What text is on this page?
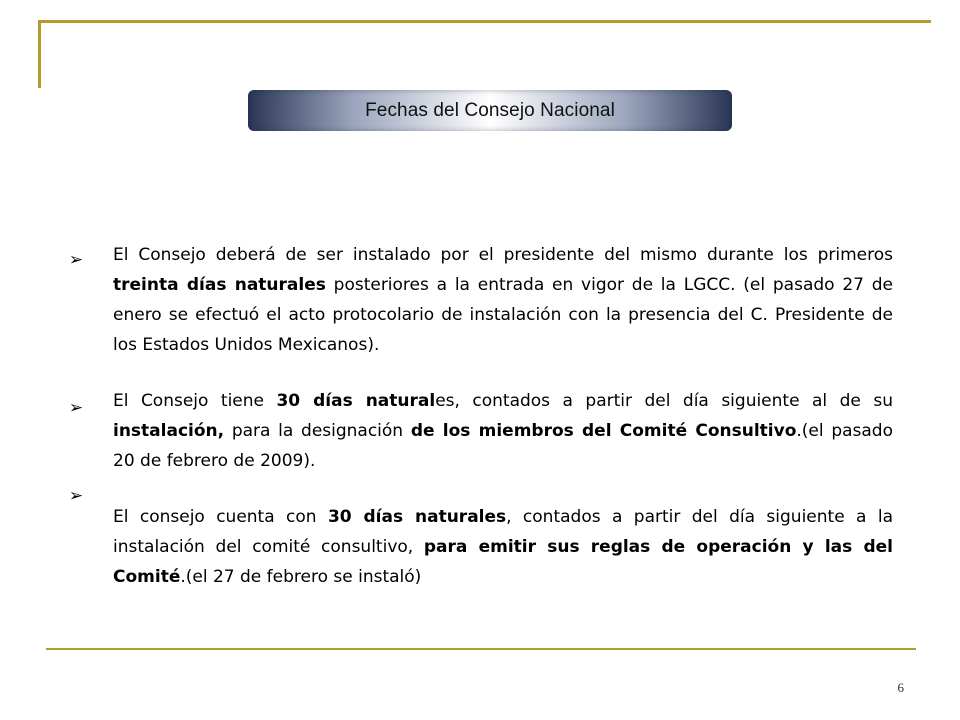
Fechas del Consejo Nacional
➢ El Consejo deberá de ser instalado por el presidente del mismo durante los primeros treinta días naturales posteriores a la entrada en vigor de la LGCC. (el pasado 27 de enero se efectuó el acto protocolario de instalación con la presencia del C. Presidente de los Estados Unidos Mexicanos).

➢ El Consejo tiene 30 días naturales, contados a partir del día siguiente al de su instalación, para la designación de los miembros del Comité Consultivo.(el pasado 20 de febrero de 2009).

➢

El consejo cuenta con 30 días naturales, contados a partir del día siguiente a la instalación del comité consultivo, para emitir sus reglas de operación y las del Comité.(el 27 de febrero se instaló)

6
